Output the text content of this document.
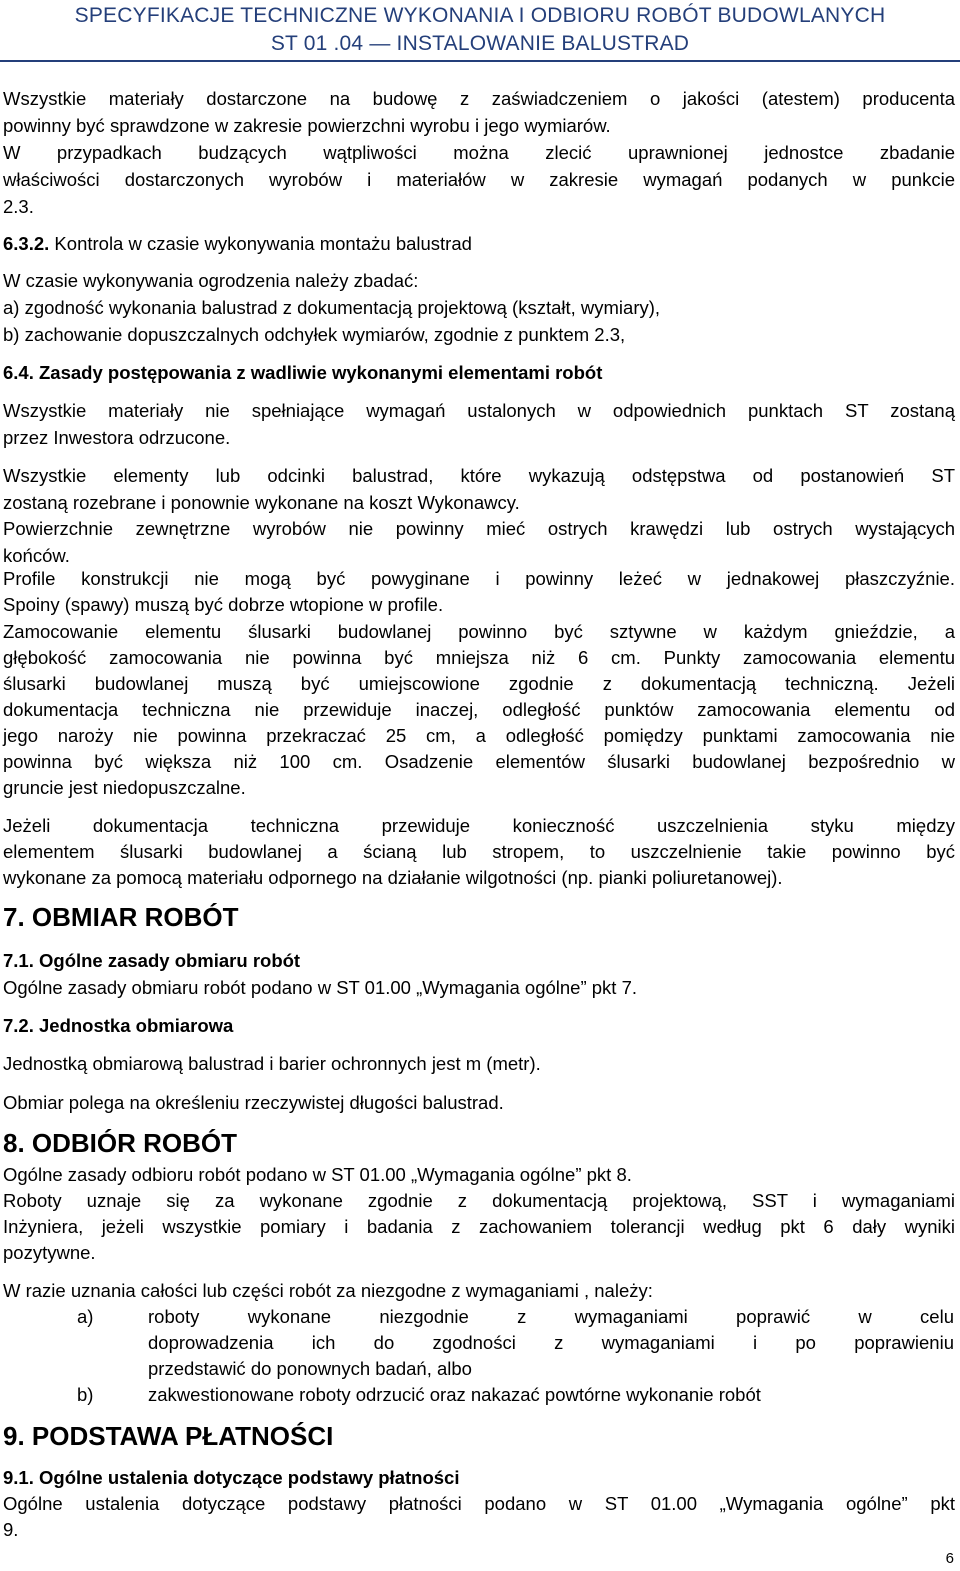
SPECYFIKACJE TECHNICZNE WYKONANIA I ODBIORU ROBÓT BUDOWLANYCH
ST 01 .04 — INSTALOWANIE BALUSTRAD
Wszystkie materiały dostarczone na budowę z zaświadczeniem o jakości (atestem) producenta
powinny być sprawdzone w zakresie powierzchni wyrobu i jego wymiarów.
W przypadkach budzących wątpliwości można zlecić uprawnionej jednostce zbadanie
właściwości dostarczonych wyrobów i materiałów w zakresie wymagań podanych w punkcie
2.3.
6.3.2. Kontrola w czasie wykonywania montażu balustrad
W czasie wykonywania ogrodzenia należy zbadać:
a) zgodność wykonania balustrad z dokumentacją projektową (kształt, wymiary),
b) zachowanie dopuszczalnych odchyłek wymiarów, zgodnie z punktem 2.3,
6.4. Zasady postępowania z wadliwie wykonanymi elementami robót
Wszystkie materiały nie spełniające wymagań ustalonych w odpowiednich punktach ST zostaną
przez Inwestora odrzucone.
Wszystkie elementy lub odcinki balustrad, które wykazują odstępstwa od postanowień ST
zostaną rozebrane i ponownie wykonane na koszt Wykonawcy.
Powierzchnie zewnętrzne wyrobów nie powinny mieć ostrych krawędzi lub ostrych wystających
końców.
Profile konstrukcji nie mogą być powyginane i powinny leżeć w jednakowej płaszczyźnie.
Spoiny (spawy) muszą być dobrze wtopione w profile.
Zamocowanie elementu ślusarki budowlanej powinno być sztywne w każdym gnieździe, a
głębokość zamocowania nie powinna być mniejsza niż 6 cm. Punkty zamocowania elementu
ślusarki budowlanej muszą być umiejscowione zgodnie z dokumentacją techniczną. Jeżeli
dokumentacja techniczna nie przewiduje inaczej, odległość punktów zamocowania elementu od
jego naroży nie powinna przekraczać 25 cm, a odległość pomiędzy punktami zamocowania nie
powinna być większa niż 100 cm. Osadzenie elementów ślusarki budowlanej bezpośrednio w
gruncie jest niedopuszczalne.
Jeżeli dokumentacja techniczna przewiduje konieczność uszczelnienia styku między
elementem ślusarki budowlanej a ścianą lub stropem, to uszczelnienie takie powinno być
wykonane za pomocą materiału odpornego na działanie wilgotności (np. pianki poliuretanowej).
7. OBMIAR ROBÓT
7.1. Ogólne zasady obmiaru robót
Ogólne zasady obmiaru robót podano w ST 01.00 „Wymagania ogólne” pkt 7.
7.2. Jednostka obmiarowa
Jednostką obmiarową balustrad i barier ochronnych jest m (metr).
Obmiar polega na określeniu rzeczywistej długości balustrad.
8. ODBIÓR ROBÓT
Ogólne zasady odbioru robót podano w ST 01.00 „Wymagania ogólne” pkt 8.
Roboty uznaje się za wykonane zgodnie z dokumentacją projektową, SST i wymaganiami
Inżyniera, jeżeli wszystkie pomiary i badania z zachowaniem tolerancji według pkt 6 dały wyniki
pozytywne.
W razie uznania całości lub części robót za niezgodne z wymaganiami , należy:
a)	roboty wykonane niezgodnie z wymaganiami poprawić w celu
doprowadzenia ich do zgodności z wymaganiami i po poprawieniu
przedstawić do ponownych badań, albo
b)	zakwestionowane roboty odrzucić oraz nakazać powtórne wykonanie robót
9. PODSTAWA PŁATNOŚCI
9.1. Ogólne ustalenia dotyczące podstawy płatności
Ogólne ustalenia dotyczące podstawy płatności podano w ST 01.00 „Wymagania ogólne” pkt
9.
6
